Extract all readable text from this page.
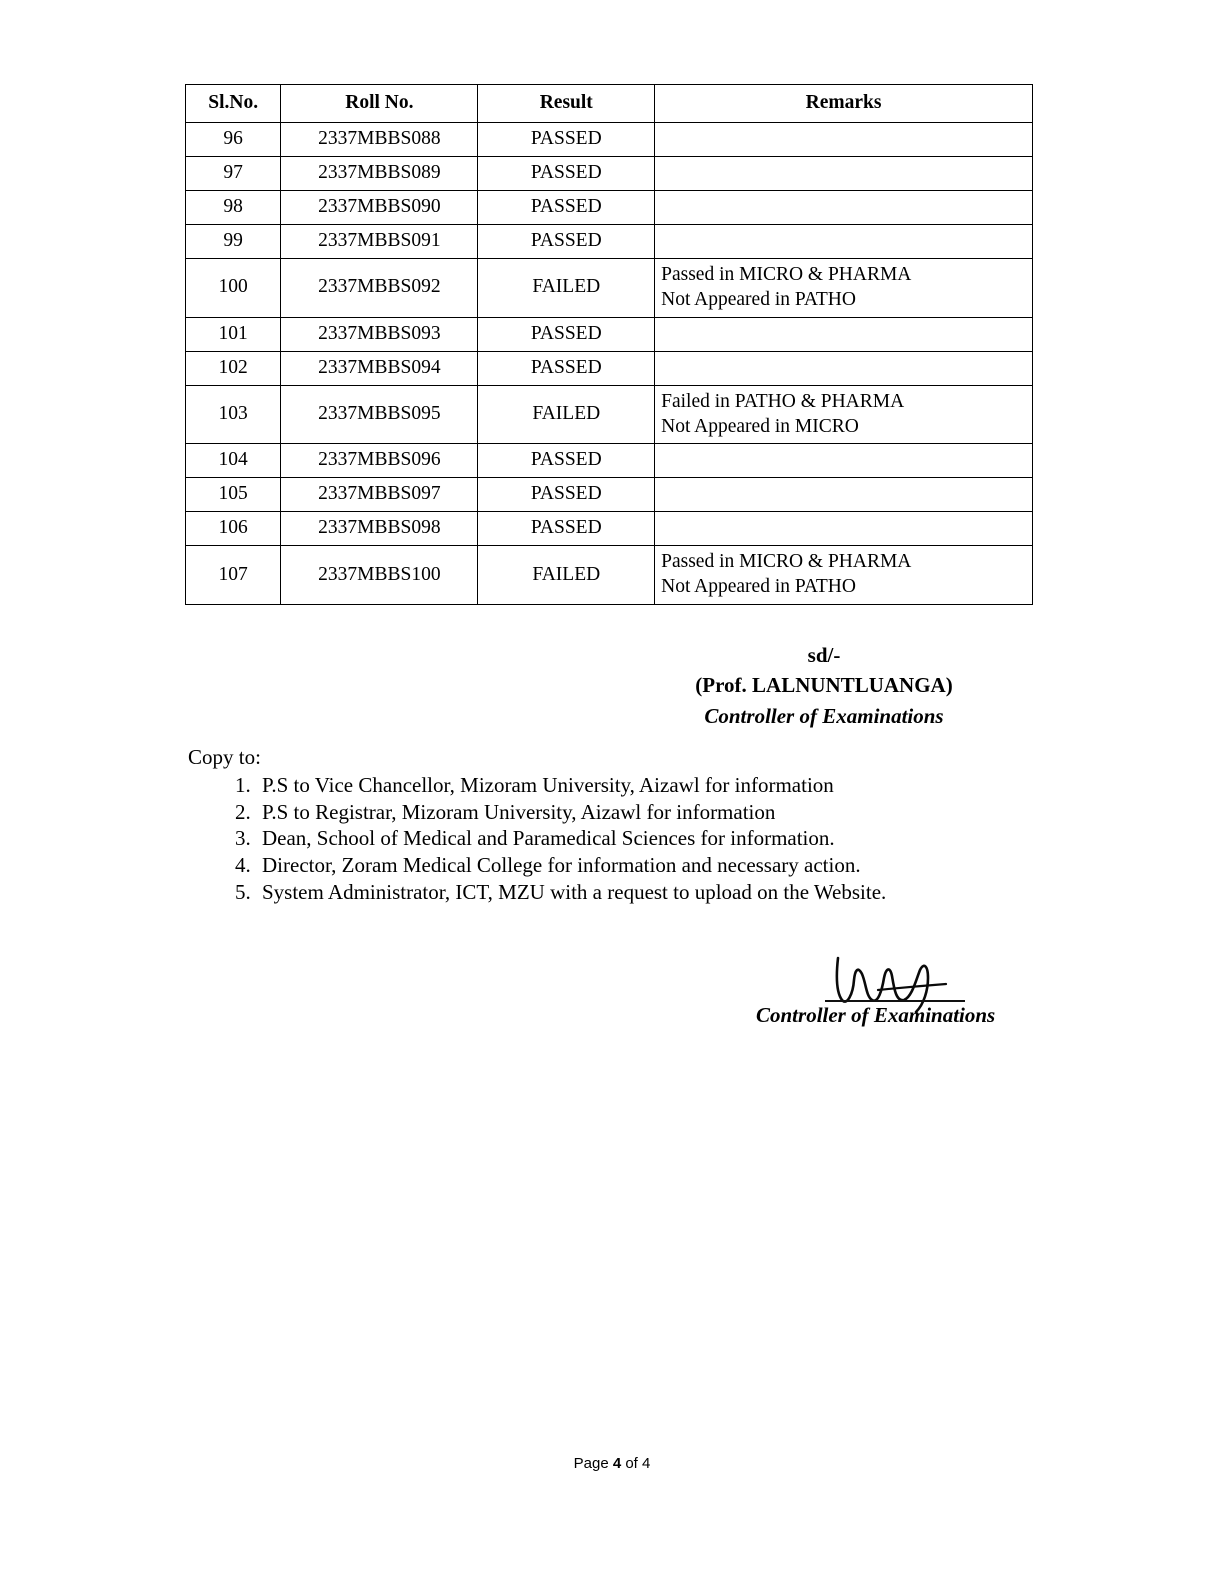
Sl.No.	Roll No.	Result	Remarks
96	2337MBBS088	PASSED	

97	2337MBBS089	PASSED	

98	2337MBBS090	PASSED	

99	2337MBBS091	PASSED	

100	2337MBBS092	FAILED	Passed in MICRO & PHARMA
Not Appeared in PATHO

101	2337MBBS093	PASSED	

102	2337MBBS094	PASSED	

103	2337MBBS095	FAILED	Failed in PATHO & PHARMA
Not Appeared in MICRO

104	2337MBBS096	PASSED	

105	2337MBBS097	PASSED	

106	2337MBBS098	PASSED	

107	2337MBBS100	FAILED	Passed in MICRO & PHARMA
Not Appeared in PATHO
sd/-
(Prof. LALNUNTLUANGA)
Controller of Examinations
Copy to:
1. P.S to Vice Chancellor, Mizoram University, Aizawl for information
2. P.S to Registrar, Mizoram University, Aizawl for information
3. Dean, School of Medical and Paramedical Sciences for information.
4. Director, Zoram Medical College for information and necessary action.
5. System Administrator, ICT, MZU with a request to upload on the Website.
Controller of Examinations
Page 4 of 4
